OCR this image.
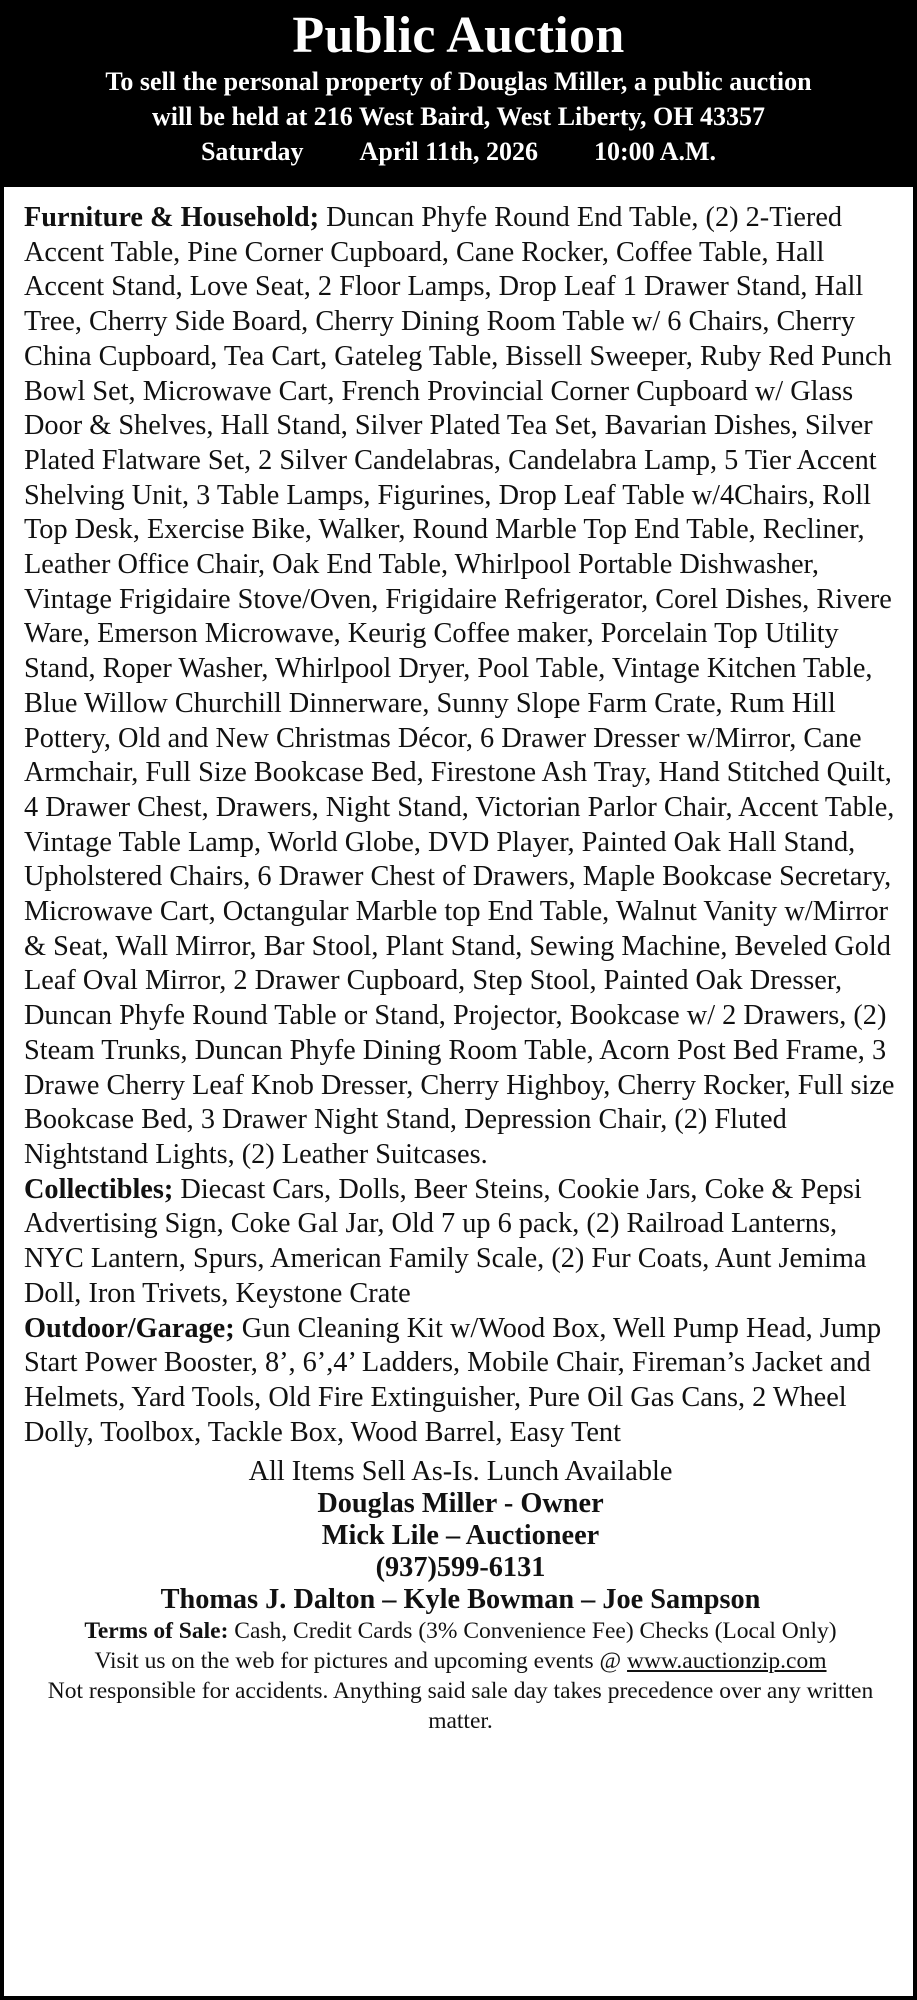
Public Auction
To sell the personal property of Douglas Miller, a public auction
will be held at 216 West Baird, West Liberty, OH 43357
Saturday April 11th, 2026 10:00 A.M.

Furniture & Household; Duncan Phyfe Round End Table, (2) 2-Tiered Accent Table, Pine Corner Cupboard, Cane Rocker, Coffee Table, Hall Accent Stand, Love Seat, 2 Floor Lamps, Drop Leaf 1 Drawer Stand, Hall Tree, Cherry Side Board, Cherry Dining Room Table w/ 6 Chairs, Cherry China Cupboard, Tea Cart, Gateleg Table, Bissell Sweeper, Ruby Red Punch Bowl Set, Microwave Cart, French Provincial Corner Cupboard w/ Glass Door & Shelves, Hall Stand, Silver Plated Tea Set, Bavarian Dishes, Silver Plated Flatware Set, 2 Silver Candelabras, Candelabra Lamp, 5 Tier Accent Shelving Unit, 3 Table Lamps, Figurines, Drop Leaf Table w/4Chairs, Roll Top Desk, Exercise Bike, Walker, Round Marble Top End Table, Recliner, Leather Office Chair, Oak End Table, Whirlpool Portable Dishwasher, Vintage Frigidaire Stove/Oven, Frigidaire Refrigerator, Corel Dishes, Rivere Ware, Emerson Microwave, Keurig Coffee maker, Porcelain Top Utility Stand, Roper Washer, Whirlpool Dryer, Pool Table, Vintage Kitchen Table, Blue Willow Churchill Dinnerware, Sunny Slope Farm Crate, Rum Hill Pottery, Old and New Christmas Décor, 6 Drawer Dresser w/Mirror, Cane Armchair, Full Size Bookcase Bed, Firestone Ash Tray, Hand Stitched Quilt, 4 Drawer Chest, Drawers, Night Stand, Victorian Parlor Chair, Accent Table, Vintage Table Lamp, World Globe, DVD Player, Painted Oak Hall Stand, Upholstered Chairs, 6 Drawer Chest of Drawers, Maple Bookcase Secretary, Microwave Cart, Octangular Marble top End Table, Walnut Vanity w/Mirror & Seat, Wall Mirror, Bar Stool, Plant Stand, Sewing Machine, Beveled Gold Leaf Oval Mirror, 2 Drawer Cupboard, Step Stool, Painted Oak Dresser, Duncan Phyfe Round Table or Stand, Projector, Bookcase w/ 2 Drawers, (2) Steam Trunks, Duncan Phyfe Dining Room Table, Acorn Post Bed Frame, 3 Drawe Cherry Leaf Knob Dresser, Cherry Highboy, Cherry Rocker, Full size Bookcase Bed, 3 Drawer Night Stand, Depression Chair, (2) Fluted Nightstand Lights, (2) Leather Suitcases.

Collectibles; Diecast Cars, Dolls, Beer Steins, Cookie Jars, Coke & Pepsi Advertising Sign, Coke Gal Jar, Old 7 up 6 pack, (2) Railroad Lanterns, NYC Lantern, Spurs, American Family Scale, (2) Fur Coats, Aunt Jemima Doll, Iron Trivets, Keystone Crate

Outdoor/Garage; Gun Cleaning Kit w/Wood Box, Well Pump Head, Jump Start Power Booster, 8’, 6’,4’ Ladders, Mobile Chair, Fireman’s Jacket and Helmets, Yard Tools, Old Fire Extinguisher, Pure Oil Gas Cans, 2 Wheel Dolly, Toolbox, Tackle Box, Wood Barrel, Easy Tent

All Items Sell As-Is. Lunch Available
Douglas Miller - Owner
Mick Lile – Auctioneer
(937)599-6131
Thomas J. Dalton – Kyle Bowman – Joe Sampson
Terms of Sale: Cash, Credit Cards (3% Convenience Fee) Checks (Local Only)
Visit us on the web for pictures and upcoming events @ www.auctionzip.com
Not responsible for accidents. Anything said sale day takes precedence over any written matter.
